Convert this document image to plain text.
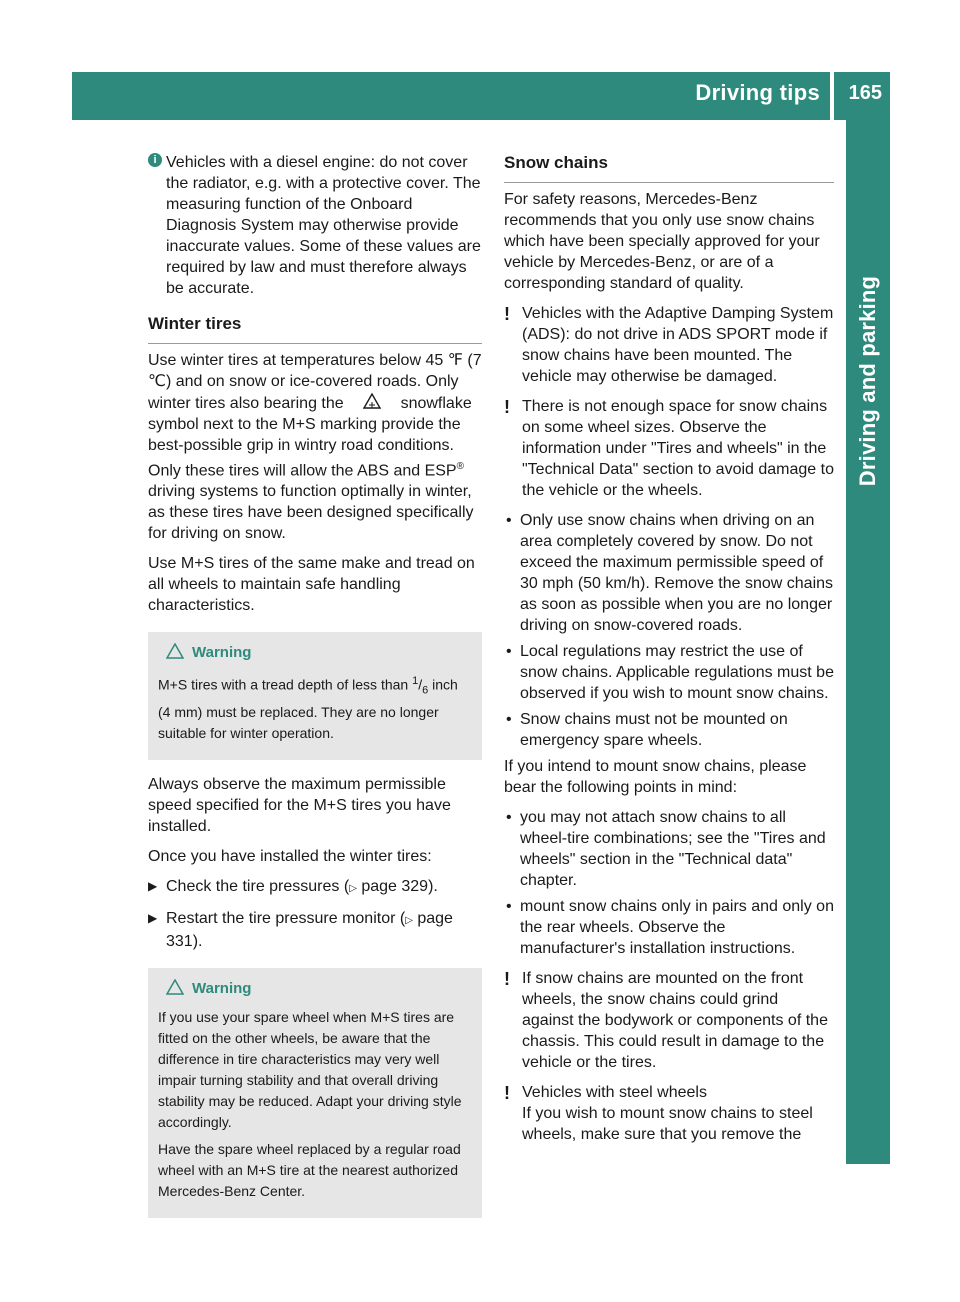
Driving tips 165
Driving and parking
i Vehicles with a diesel engine: do not cover the radiator, e.g. with a protective cover. The measuring function of the Onboard Diagnosis System may otherwise provide inaccurate values. Some of these values are required by law and must therefore always be accurate.
Winter tires

Use winter tires at temperatures below 45 ℉ (7 ℃) and on snow or ice-covered roads. Only winter tires also bearing the	snowflake symbol next to the M+S marking provide the best-possible grip in wintry road conditions. Only these tires will allow the ABS and ESP® driving systems to function optimally in winter, as these tires have been designed specifically for driving on snow.

Use M+S tires of the same make and tread on all wheels to maintain safe handling characteristics.

Warning

M+S tires with a tread depth of less than $^1/_6$ inch (4 mm) must be replaced. They are no longer suitable for winter operation.

Always observe the maximum permissible speed specified for the M+S tires you have installed.

Once you have installed the winter tires:

▶ Check the tire pressures (▷ page 329).
▶ Restart the tire pressure monitor (▷ page 331).
Warning

If you use your spare wheel when M+S tires are fitted on the other wheels, be aware that the difference in tire characteristics may very well impair turning stability and that overall driving stability may be reduced. Adapt your driving style accordingly.

Have the spare wheel replaced by a regular road wheel with an M+S tire at the nearest authorized Mercedes-Benz Center.

Snow chains

For safety reasons, Mercedes-Benz recommends that you only use snow chains which have been specially approved for your vehicle by Mercedes-Benz, or are of a corresponding standard of quality.

! Vehicles with the Adaptive Damping System (ADS): do not drive in ADS SPORT mode if snow chains have been mounted. The vehicle may otherwise be damaged.
! There is not enough space for snow chains on some wheel sizes. Observe the information under "Tires and wheels" in the "Technical Data" section to avoid damage to the vehicle or the wheels.
• Only use snow chains when driving on an area completely covered by snow. Do not exceed the maximum permissible speed of 30 mph (50 km/h). Remove the snow chains as soon as possible when you are no longer driving on snow-covered roads.
• Local regulations may restrict the use of snow chains. Applicable regulations must be observed if you wish to mount snow chains.
• Snow chains must not be mounted on emergency spare wheels.

If you intend to mount snow chains, please bear the following points in mind:

• you may not attach snow chains to all wheel-tire combinations; see the "Tires and wheels" section in the "Technical data" chapter.
• mount snow chains only in pairs and only on the rear wheels. Observe the manufacturer's installation instructions.
! If snow chains are mounted on the front wheels, the snow chains could grind against the bodywork or components of the chassis. This could result in damage to the vehicle or the tires.
! Vehicles with steel wheels
If you wish to mount snow chains to steel wheels, make sure that you remove the
